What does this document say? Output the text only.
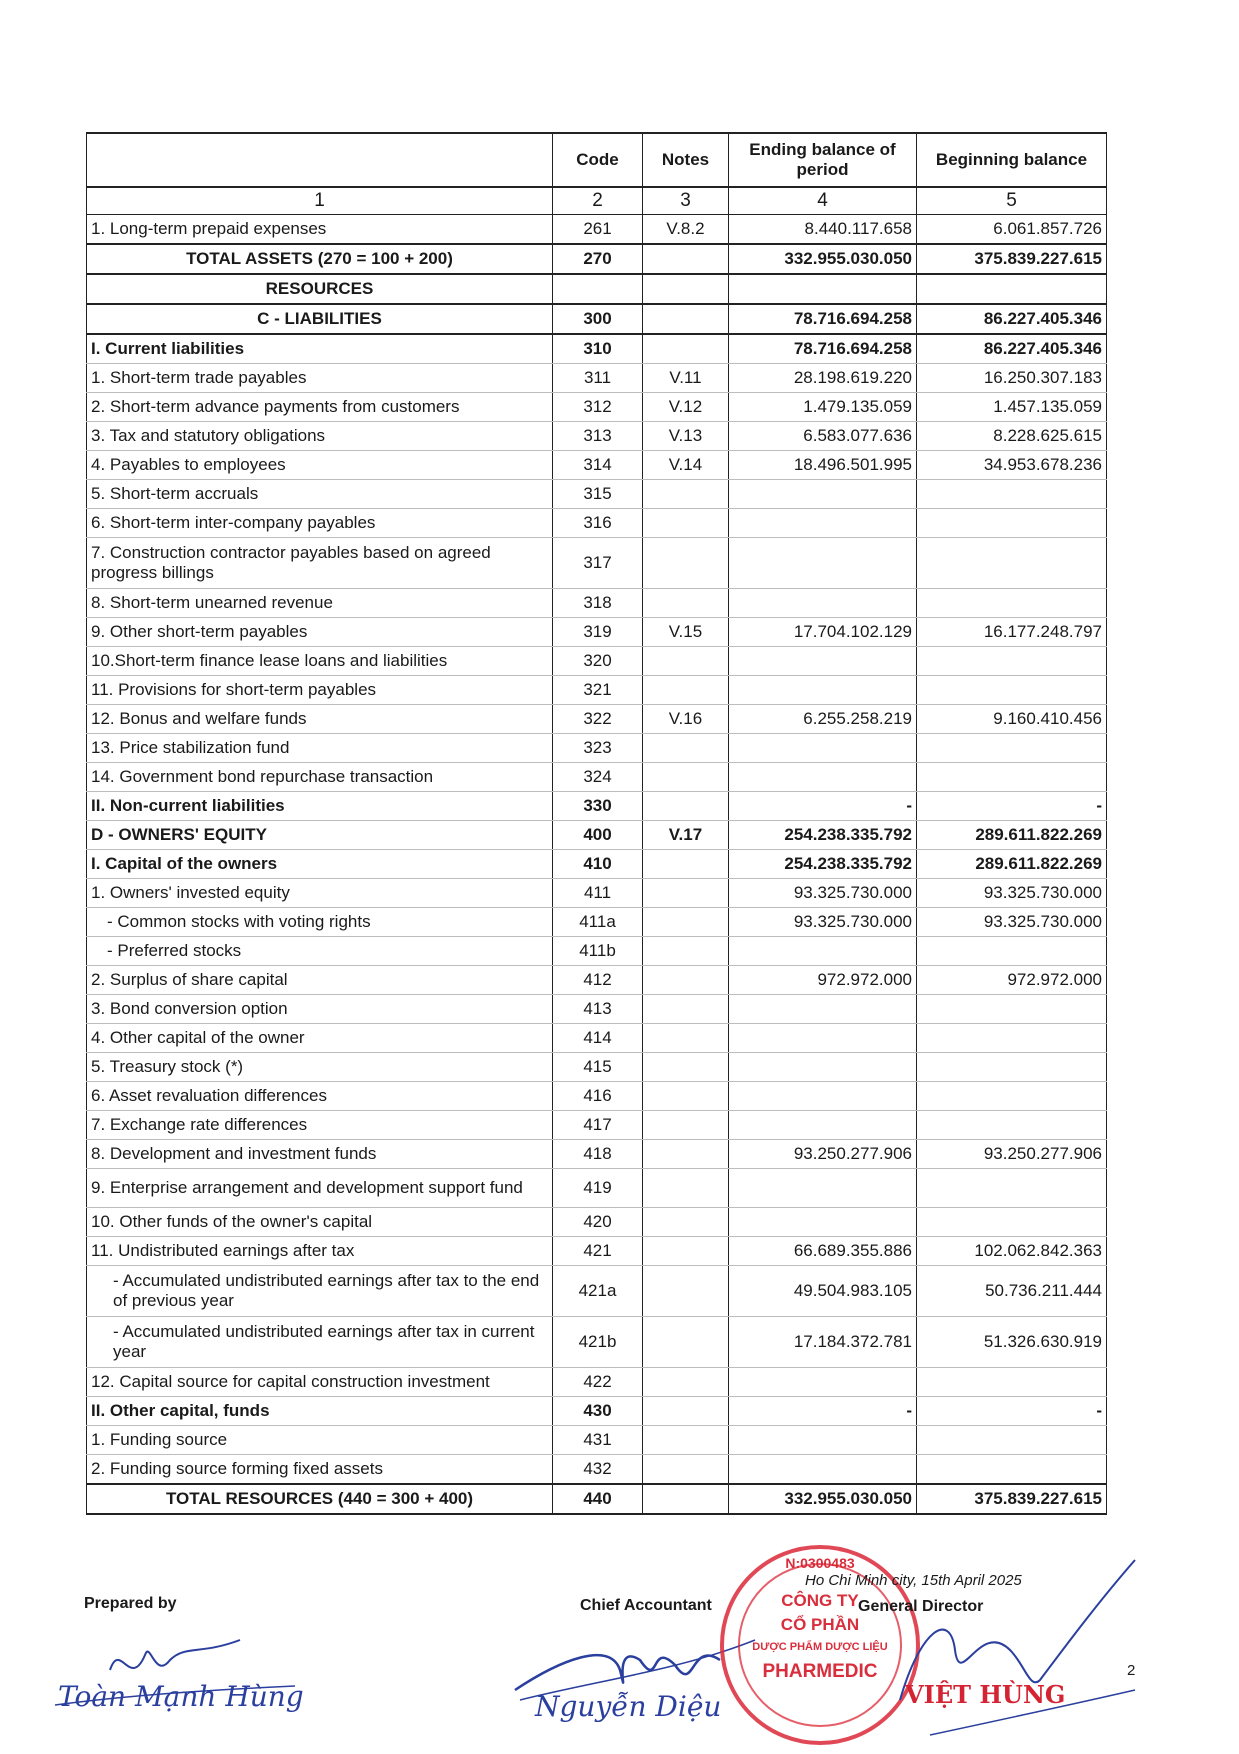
	Code	Notes	Ending balance of period	Beginning balance
1	2	3	4	5
1. Long-term prepaid expenses	261	V.8.2	8.440.117.658	6.061.857.726
TOTAL ASSETS (270 = 100 + 200)	270		332.955.030.050	375.839.227.615
RESOURCES				
C - LIABILITIES	300		78.716.694.258	86.227.405.346
I. Current liabilities	310		78.716.694.258	86.227.405.346
1. Short-term trade payables	311	V.11	28.198.619.220	16.250.307.183
2. Short-term advance payments from customers	312	V.12	1.479.135.059	1.457.135.059
3. Tax and statutory obligations	313	V.13	6.583.077.636	8.228.625.615
4. Payables to employees	314	V.14	18.496.501.995	34.953.678.236
5. Short-term accruals	315			
6. Short-term inter-company payables	316			
7. Construction contractor payables based on agreed progress billings	317			
8. Short-term unearned revenue	318			
9. Other short-term payables	319	V.15	17.704.102.129	16.177.248.797
10.Short-term finance lease loans and liabilities	320			
11. Provisions for short-term payables	321			
12. Bonus and welfare funds	322	V.16	6.255.258.219	9.160.410.456
13. Price stabilization fund	323			
14. Government bond repurchase transaction	324			
II. Non-current liabilities	330		-	-
D - OWNERS' EQUITY	400	V.17	254.238.335.792	289.611.822.269
I. Capital of the owners	410		254.238.335.792	289.611.822.269
1. Owners' invested equity	411		93.325.730.000	93.325.730.000
- Common stocks with voting rights	411a		93.325.730.000	93.325.730.000
- Preferred stocks	411b			
2. Surplus of share capital	412		972.972.000	972.972.000
3. Bond conversion option	413			
4. Other capital of the owner	414			
5. Treasury stock (*)	415			
6. Asset revaluation differences	416			
7. Exchange rate differences	417			
8. Development and investment funds	418		93.250.277.906	93.250.277.906
9. Enterprise arrangement and development support fund	419			
10. Other funds of the owner's capital	420			
11. Undistributed earnings after tax	421		66.689.355.886	102.062.842.363
- Accumulated undistributed earnings after tax to the end of previous year	421a		49.504.983.105	50.736.211.444
- Accumulated undistributed earnings after tax in current year	421b		17.184.372.781	51.326.630.919
12. Capital source for capital construction investment	422			
II. Other capital, funds	430		-	-
1. Funding source	431			
2. Funding source forming fixed assets	432			
TOTAL RESOURCES (440 = 300 + 400)	440		332.955.030.050	375.839.227.615
Prepared by
Toàn Mạnh Hùng
Chief Accountant
Nguyễn Diệu
N:0300483
CÔNG TY
CỔ PHẦN
DƯỢC PHẨM DƯỢC LIỆU
PHARMEDIC
Ho Chi Minh city, 15th April 2025
General Director
VIỆT HÙNG
2
